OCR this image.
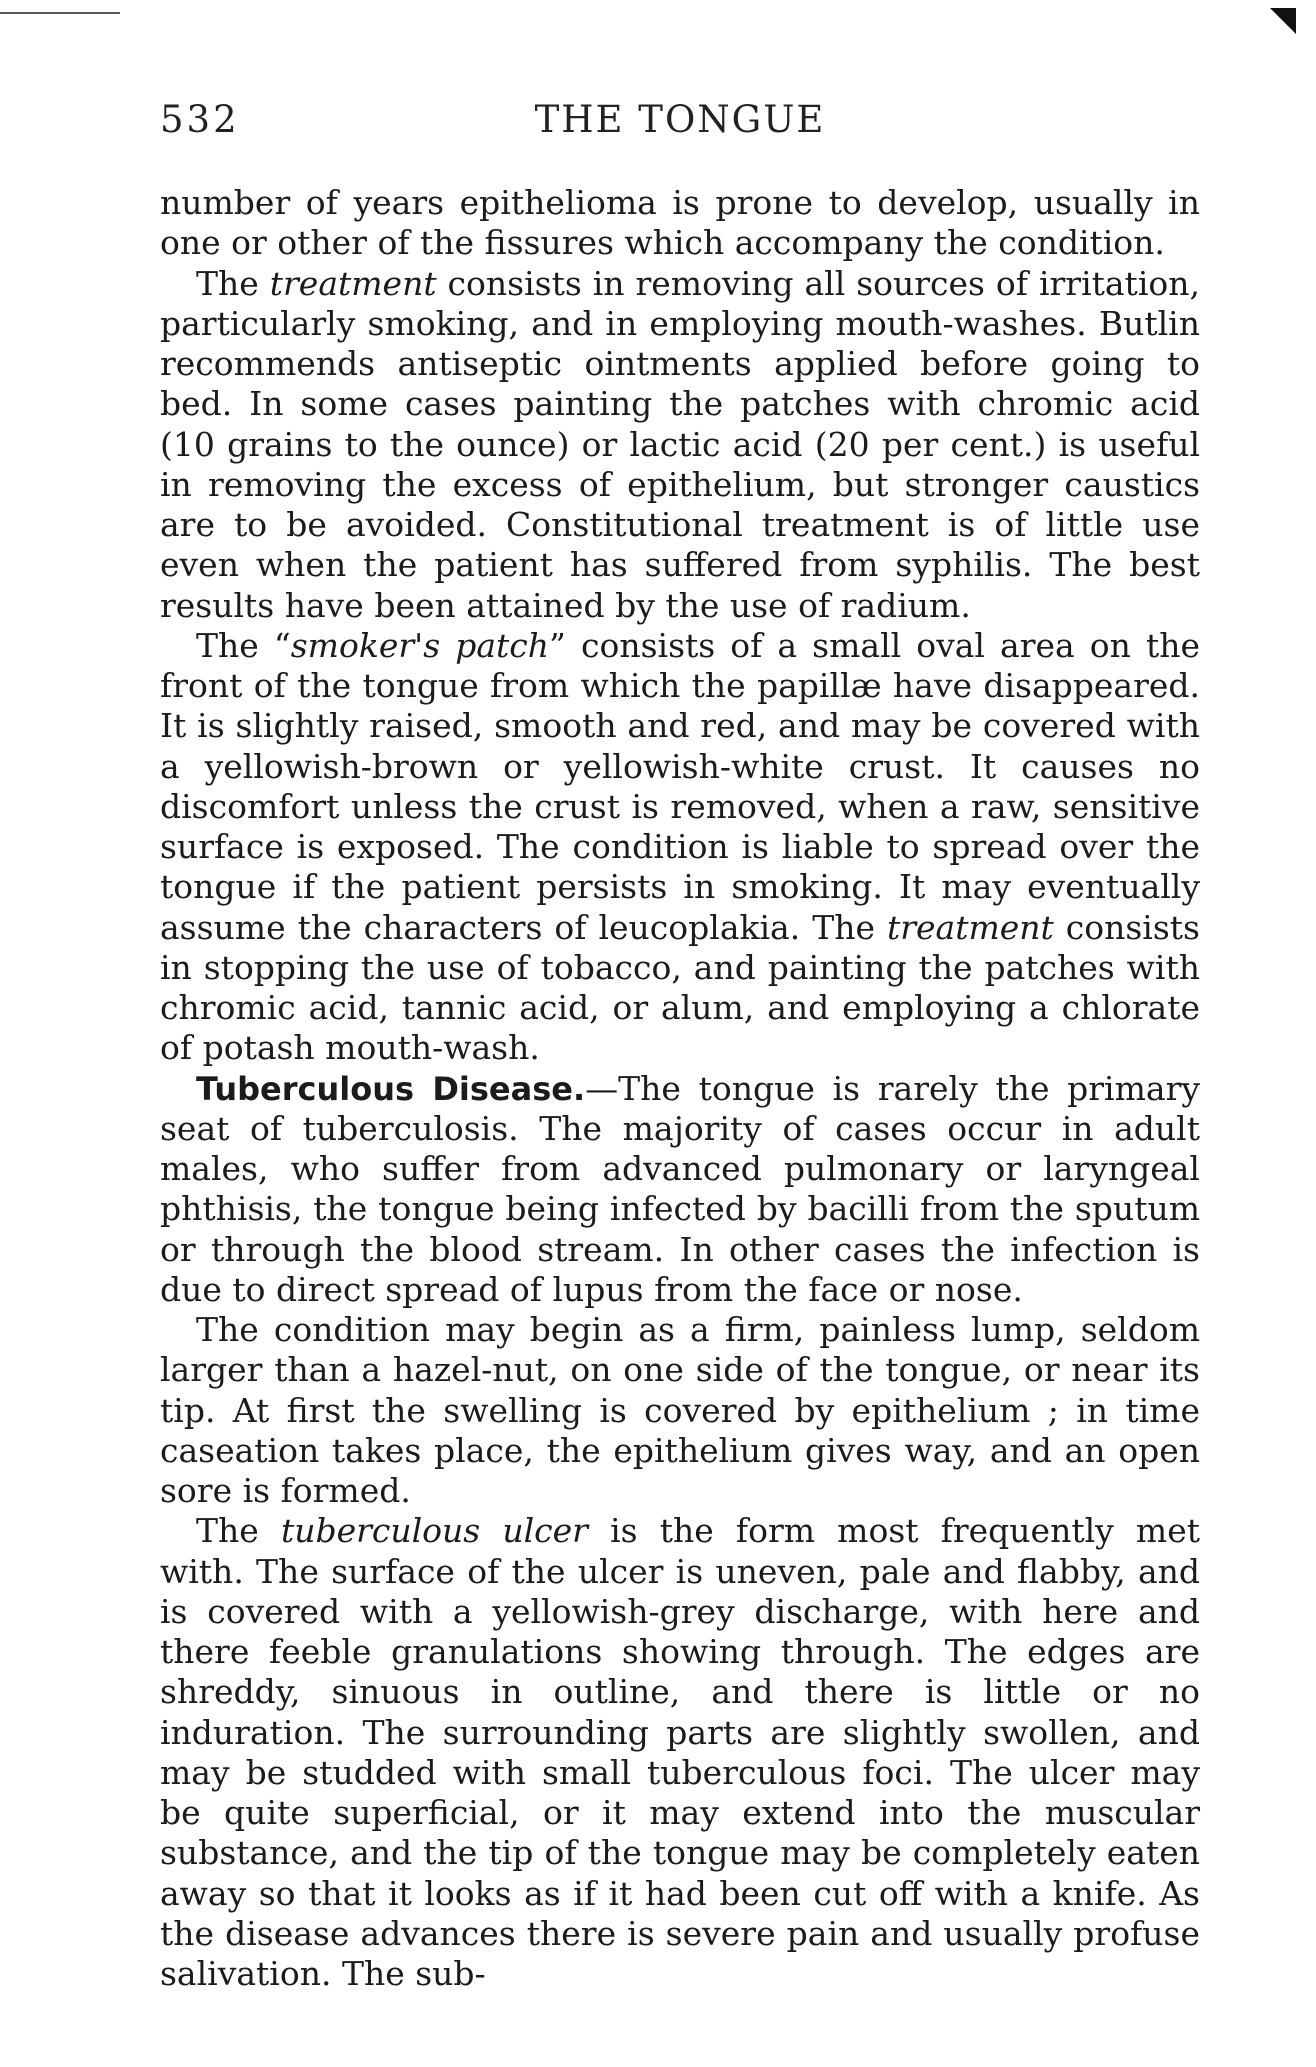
532	THE TONGUE

number of years epithelioma is prone to develop, usually in one or other of the fissures which accompany the condition.

The treatment consists in removing all sources of irritation, particularly smoking, and in employing mouth-washes. Butlin recommends antiseptic ointments applied before going to bed. In some cases painting the patches with chromic acid (10 grains to the ounce) or lactic acid (20 per cent.) is useful in removing the excess of epithelium, but stronger caustics are to be avoided. Constitutional treatment is of little use even when the patient has suffered from syphilis. The best results have been attained by the use of radium.

The “smoker's patch” consists of a small oval area on the front of the tongue from which the papillæ have disappeared. It is slightly raised, smooth and red, and may be covered with a yellowish-brown or yellowish-white crust. It causes no discomfort unless the crust is removed, when a raw, sensitive surface is exposed. The condition is liable to spread over the tongue if the patient persists in smoking. It may eventually assume the characters of leucoplakia. The treatment consists in stopping the use of tobacco, and painting the patches with chromic acid, tannic acid, or alum, and employing a chlorate of potash mouth-wash.

Tuberculous Disease.—The tongue is rarely the primary seat of tuberculosis. The majority of cases occur in adult males, who suffer from advanced pulmonary or laryngeal phthisis, the tongue being infected by bacilli from the sputum or through the blood stream. In other cases the infection is due to direct spread of lupus from the face or nose.

The condition may begin as a firm, painless lump, seldom larger than a hazel-nut, on one side of the tongue, or near its tip. At first the swelling is covered by epithelium ; in time caseation takes place, the epithelium gives way, and an open sore is formed.

The tuberculous ulcer is the form most frequently met with. The surface of the ulcer is uneven, pale and flabby, and is covered with a yellowish-grey discharge, with here and there feeble granulations showing through. The edges are shreddy, sinuous in outline, and there is little or no induration. The surrounding parts are slightly swollen, and may be studded with small tuberculous foci. The ulcer may be quite superficial, or it may extend into the muscular substance, and the tip of the tongue may be completely eaten away so that it looks as if it had been cut off with a knife. As the disease advances there is severe pain and usually profuse salivation. The sub-
